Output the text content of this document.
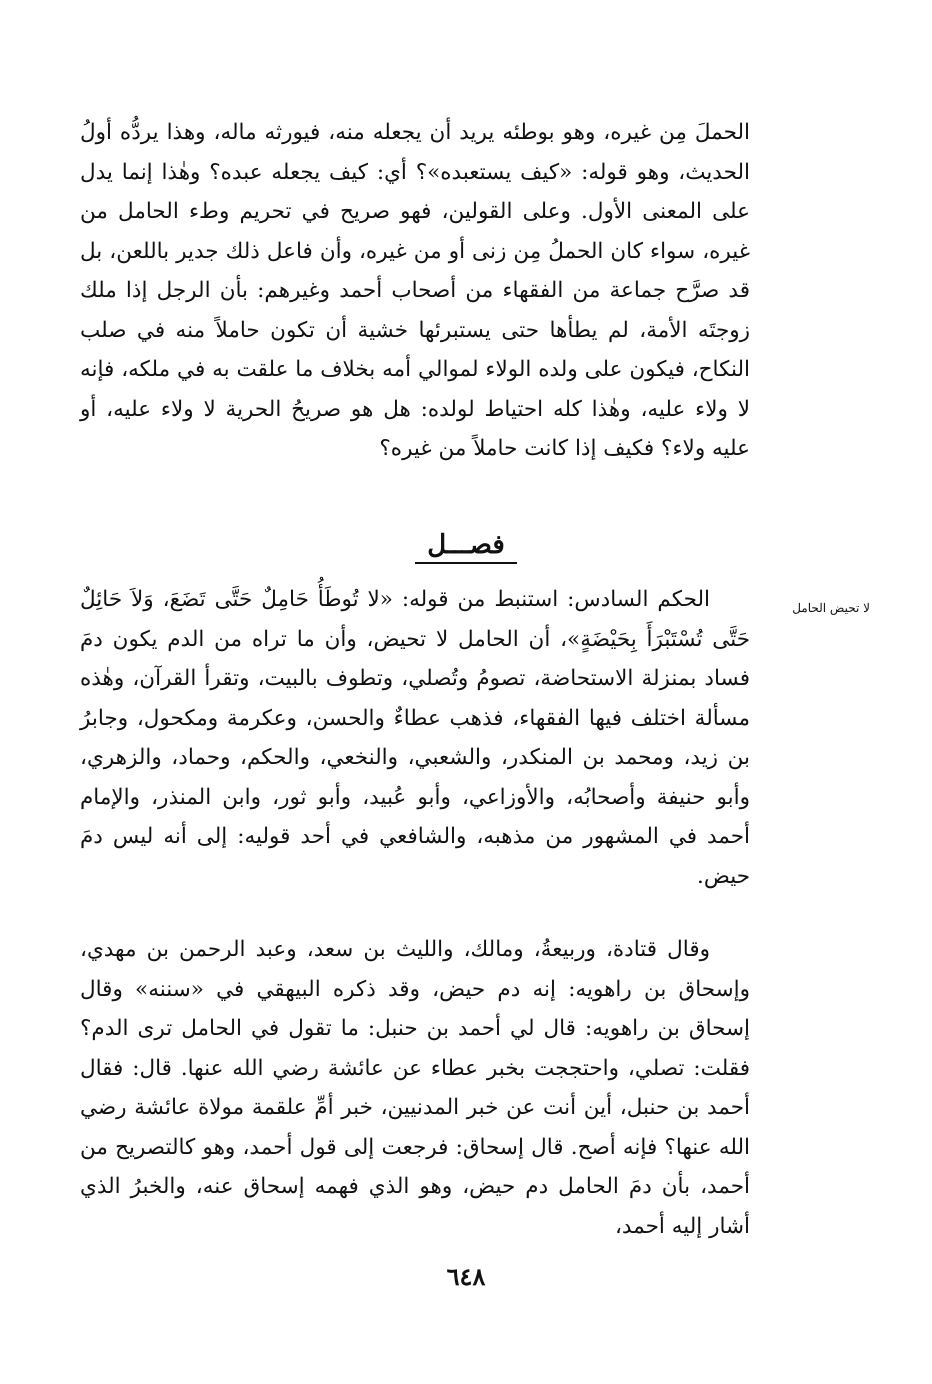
الحملَ مِن غيره، وهو بوطئه يريد أن يجعله منه، فيورثه ماله، وهذا يردُّه أولُ الحديث، وهو قوله: «كيف يستعبده»؟ أي: كيف يجعله عبده؟ وهٰذا إنما يدل على المعنى الأول. وعلى القولين، فهو صريح في تحريم وطء الحامل من غيره، سواء كان الحملُ مِن زنى أو من غيره، وأن فاعل ذلك جدير باللعن، بل قد صرَّح جماعة من الفقهاء من أصحاب أحمد وغيرهم: بأن الرجل إذا ملك زوجتَه الأمة، لم يطأها حتى يستبرئها خشية أن تكون حاملاً منه في صلب النكاح، فيكون على ولده الولاء لموالي أمه بخلاف ما علقت به في ملكه، فإنه لا ولاء عليه، وهٰذا كله احتياط لولده: هل هو صريحُ الحرية لا ولاء عليه، أو عليه ولاء؟ فكيف إذا كانت حاملاً من غيره؟

فصـــل
لا تحيض الحامل

الحكم السادس: استنبط من قوله: «لا تُوطَأُ حَامِلٌ حَتَّى تَضَعَ، وَلاَ حَائِلٌ حَتَّى تُسْتَبْرَأَ بِحَيْضَةٍ»، أن الحامل لا تحيض، وأن ما تراه من الدم يكون دمَ فساد بمنزلة الاستحاضة، تصومُ وتُصلي، وتطوف بالبيت، وتقرأ القرآن، وهٰذه مسألة اختلف فيها الفقهاء، فذهب عطاءٌ والحسن، وعكرمة ومكحول، وجابرُ بن زيد، ومحمد بن المنكدر، والشعبي، والنخعي، والحكم، وحماد، والزهري، وأبو حنيفة وأصحابُه، والأوزاعي، وأبو عُبيد، وأبو ثور، وابن المنذر، والإمام أحمد في المشهور من مذهبه، والشافعي في أحد قوليه: إلى أنه ليس دمَ حيض.

وقال قتادة، وربيعةُ، ومالك، والليث بن سعد، وعبد الرحمن بن مهدي، وإسحاق بن راهويه: إنه دم حيض، وقد ذكره البيهقي في «سننه» وقال إسحاق بن راهويه: قال لي أحمد بن حنبل: ما تقول في الحامل ترى الدم؟ فقلت: تصلي، واحتججت بخبر عطاء عن عائشة رضي الله عنها. قال: فقال أحمد بن حنبل، أين أنت عن خبر المدنيين، خبر أمِّ علقمة مولاة عائشة رضي الله عنها؟ فإنه أصح. قال إسحاق: فرجعت إلى قول أحمد، وهو كالتصريح من أحمد، بأن دمَ الحامل دم حيض، وهو الذي فهمه إسحاق عنه، والخبرُ الذي أشار إليه أحمد،

٦٤٨
